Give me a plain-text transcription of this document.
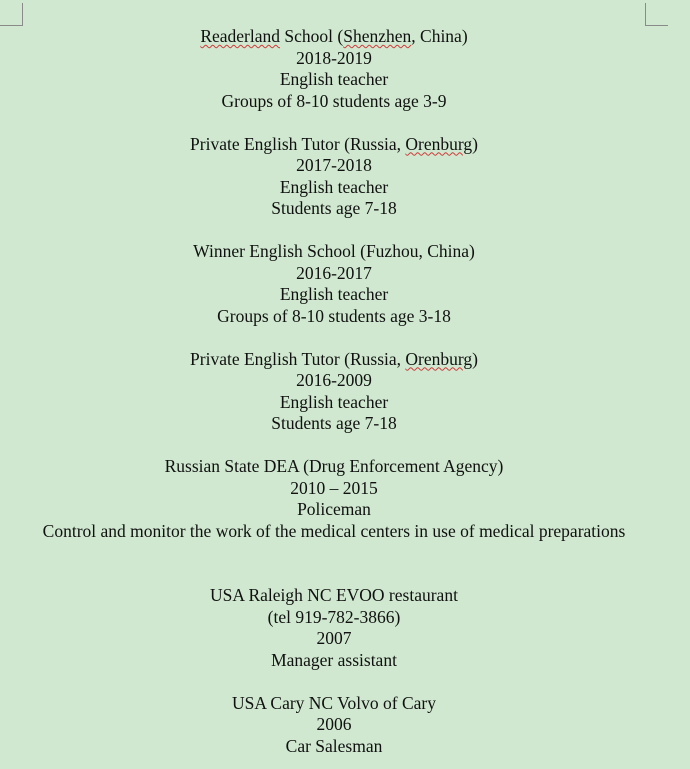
Readerland School (Shenzhen, China)

2018-2019

English teacher

Groups of 8-10 students age 3-9

Private English Tutor (Russia, Orenburg)

2017-2018

English teacher

Students age 7-18

Winner English School (Fuzhou, China)

2016-2017

English teacher

Groups of 8-10 students age 3-18

Private English Tutor (Russia, Orenburg)

2016-2009

English teacher

Students age 7-18

Russian State DEA (Drug Enforcement Agency)

2010 – 2015

Policeman

Control and monitor the work of the medical centers in use of medical preparations

USA Raleigh NC EVOO restaurant

(tel 919-782-3866)

2007

Manager assistant

USA Cary NC Volvo of Cary

2006

Car Salesman
